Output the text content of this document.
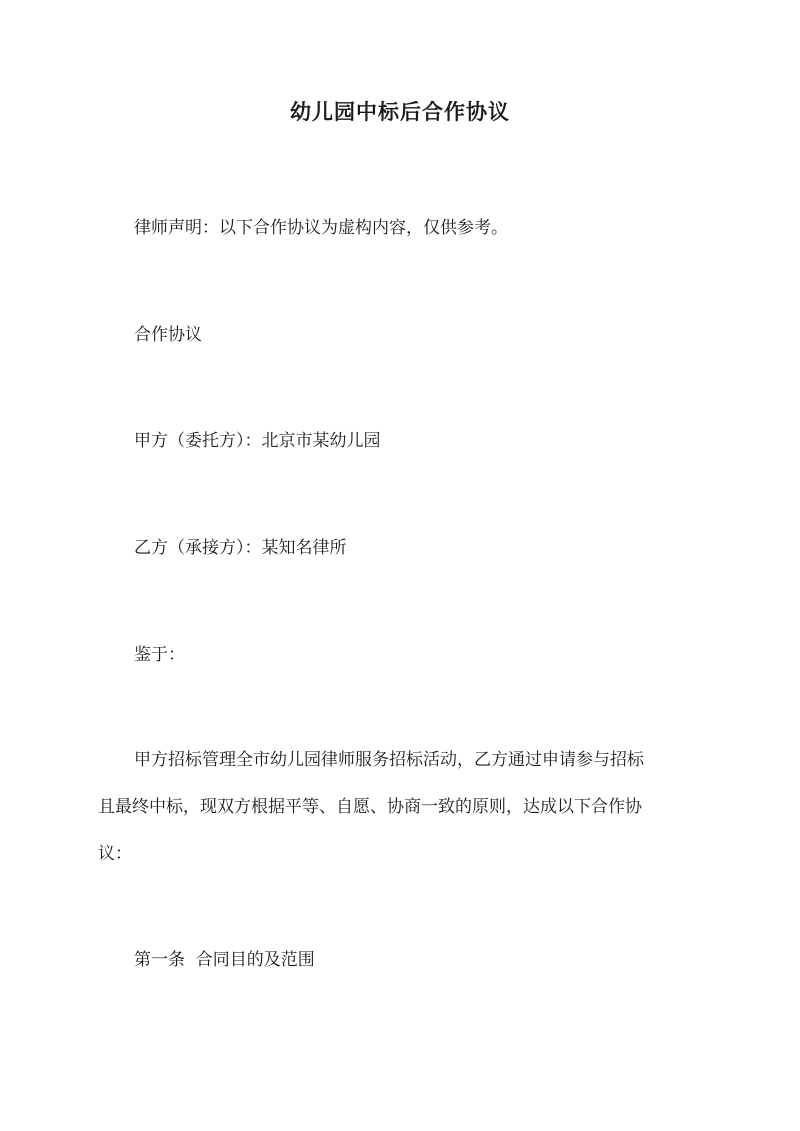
幼儿园中标后合作协议
律师声明：以下合作协议为虚构内容，仅供参考。
合作协议
甲方（委托方）：北京市某幼儿园
乙方（承接方）：某知名律所
鉴于：
甲方招标管理全市幼儿园律师服务招标活动，乙方通过申请参与招标
且最终中标，现双方根据平等、自愿、协商一致的原则，达成以下合作协
议：
第一条  合同目的及范围
